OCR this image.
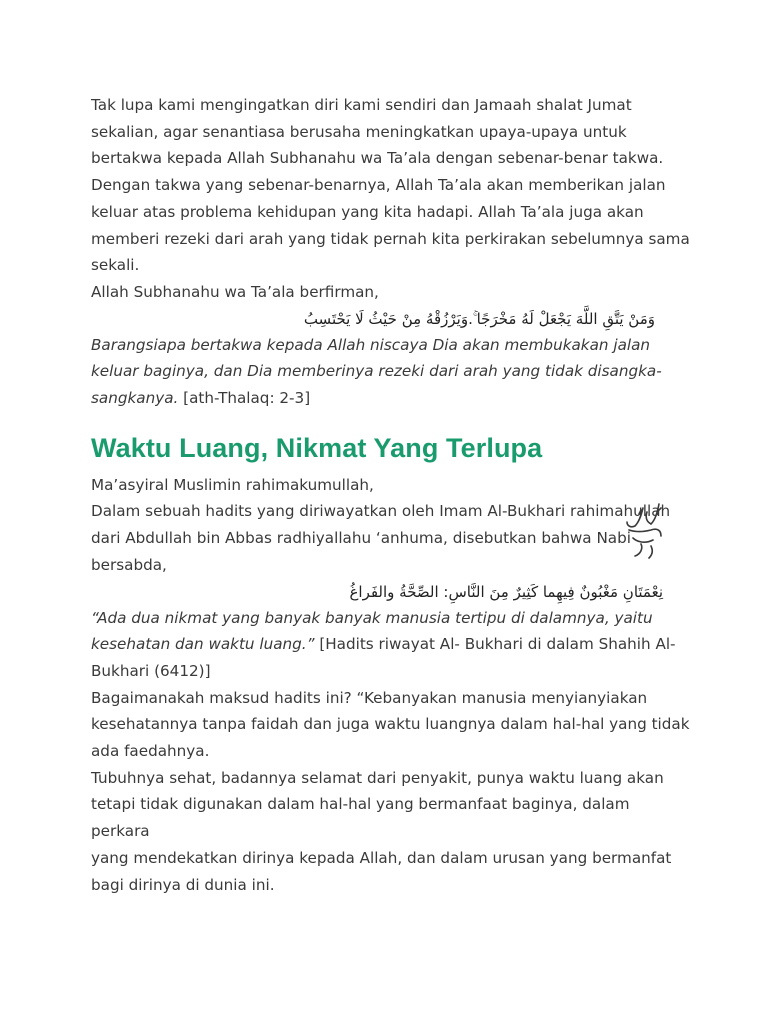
Tak lupa kami mengingatkan diri kami sendiri dan Jamaah shalat Jumat
sekalian, agar senantiasa berusaha meningkatkan upaya-upaya untuk
bertakwa kepada Allah Subhanahu wa Ta’ala dengan sebenar-benar takwa.
Dengan takwa yang sebenar-benarnya, Allah Ta’ala akan memberikan jalan
keluar atas problema kehidupan yang kita hadapi. Allah Ta’ala juga akan
memberi rezeki dari arah yang tidak pernah kita perkirakan sebelumnya sama
sekali.
Allah Subhanahu wa Ta’ala berfirman,

وَمَنْ يَتَّقِ اللَّهَ يَجْعَلْ لَهُ مَخْرَجًا ۚ.وَيَرْزُقْهُ مِنْ حَيْثُ لَا يَحْتَسِبُ

Barangsiapa bertakwa kepada Allah niscaya Dia akan membukakan jalan
keluar baginya, dan Dia memberinya rezeki dari arah yang tidak disangka-
sangkanya. [ath-Thalaq: 2-3]

Waktu Luang, Nikmat Yang Terlupa

Ma’asyiral Muslimin rahimakumullah,
Dalam sebuah hadits yang diriwayatkan oleh Imam Al-Bukhari rahimahullah
dari Abdullah bin Abbas radhiyallahu ‘anhuma, disebutkan bahwa Nabi
bersabda,

نِعْمَتَانِ مَغْبُونٌ فِيهِما كَثِيرٌ مِنَ النَّاسِ: الصِّحَّةُ والفَراغُ

“Ada dua nikmat yang banyak banyak manusia tertipu di dalamnya, yaitu
kesehatan dan waktu luang.” [Hadits riwayat Al- Bukhari di dalam Shahih Al-
Bukhari (6412)]

Bagaimanakah maksud hadits ini? “Kebanyakan manusia menyianyiakan
kesehatannya tanpa faidah dan juga waktu luangnya dalam hal-hal yang tidak
ada faedahnya.
Tubuhnya sehat, badannya selamat dari penyakit, punya waktu luang akan
tetapi tidak digunakan dalam hal-hal yang bermanfaat baginya, dalam perkara
yang mendekatkan dirinya kepada Allah, dan dalam urusan yang bermanfat
bagi dirinya di dunia ini.
